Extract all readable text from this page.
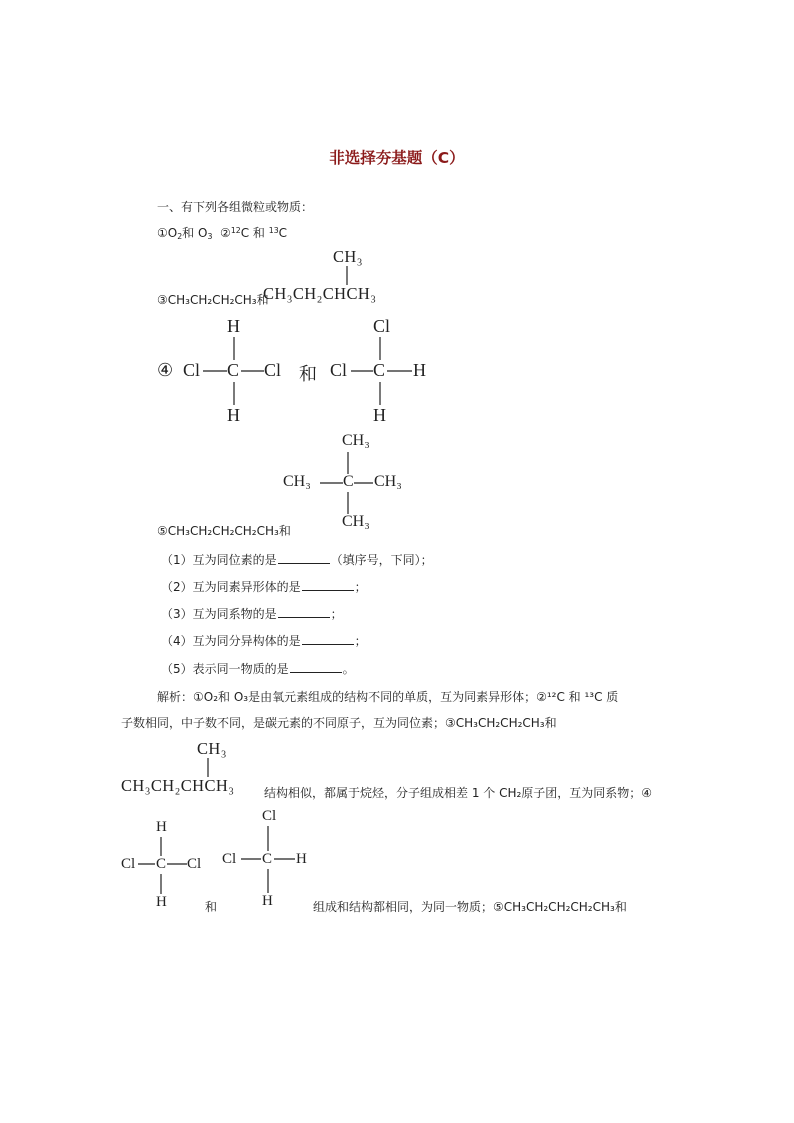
非选择夯基题（C）
一、有下列各组微粒或物质：
$①O_2$和 $O_3$ ②$^{12}$C 和 $^{13}$C
CH₃
③CH₃CH₂CH₂CH₃和
CH₃CH₂CHCH₃
④
H
Cl C Cl
H
和
Cl
Cl C H
H
CH₃
CH₃ C CH₃
CH₃
⑤CH₃CH₂CH₂CH₂CH₃和
（1）互为同位素的是	（填序号，下同）；
（2）互为同素异形体的是	；
（3）互为同系物的是	；
（4）互为同分异构体的是	；
（5）表示同一物质的是	。
解析：①O₂和 O₃是由氧元素组成的结构不同的单质，互为同素异形体；②¹²C 和 ¹³C 质
子数相同，中子数不同，是碳元素的不同原子，互为同位素；③CH₃CH₂CH₂CH₃和
CH₃
CH₃CH₂CHCH₃ 结构相似，都属于烷烃，分子组成相差 1 个 CH₂原子团，互为同系物；④
H
Cl C Cl
H	和
Cl
Cl C H
H	组成和结构都相同，为同一物质；⑤CH₃CH₂CH₂CH₂CH₃和
